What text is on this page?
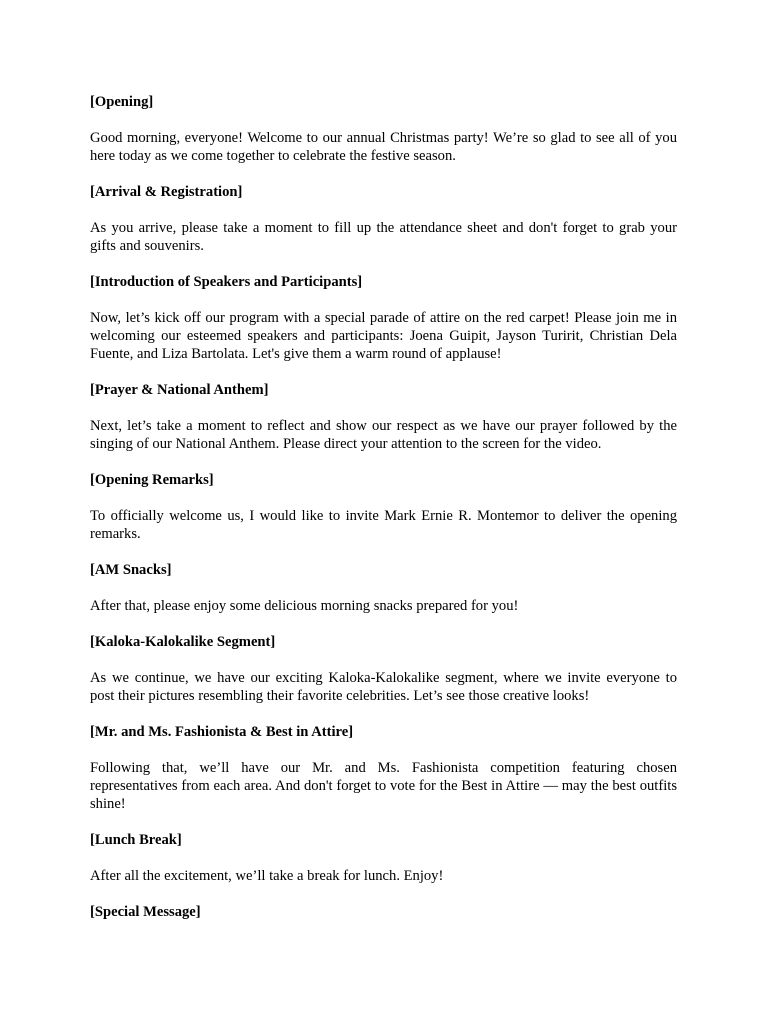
[Opening]

Good morning, everyone! Welcome to our annual Christmas party! We’re so glad to see all of you here today as we come together to celebrate the festive season.

[Arrival & Registration]

As you arrive, please take a moment to fill up the attendance sheet and don't forget to grab your gifts and souvenirs.

[Introduction of Speakers and Participants]

Now, let’s kick off our program with a special parade of attire on the red carpet! Please join me in welcoming our esteemed speakers and participants: Joena Guipit, Jayson Turirit, Christian Dela Fuente, and Liza Bartolata. Let's give them a warm round of applause!

[Prayer & National Anthem]

Next, let’s take a moment to reflect and show our respect as we have our prayer followed by the singing of our National Anthem. Please direct your attention to the screen for the video.

[Opening Remarks]

To officially welcome us, I would like to invite Mark Ernie R. Montemor to deliver the opening remarks.

[AM Snacks]

After that, please enjoy some delicious morning snacks prepared for you!

[Kaloka-Kalokalike Segment]

As we continue, we have our exciting Kaloka-Kalokalike segment, where we invite everyone to post their pictures resembling their favorite celebrities. Let’s see those creative looks!

[Mr. and Ms. Fashionista & Best in Attire]

Following that, we’ll have our Mr. and Ms. Fashionista competition featuring chosen representatives from each area. And don't forget to vote for the Best in Attire — may the best outfits shine!

[Lunch Break]

After all the excitement, we’ll take a break for lunch. Enjoy!

[Special Message]
